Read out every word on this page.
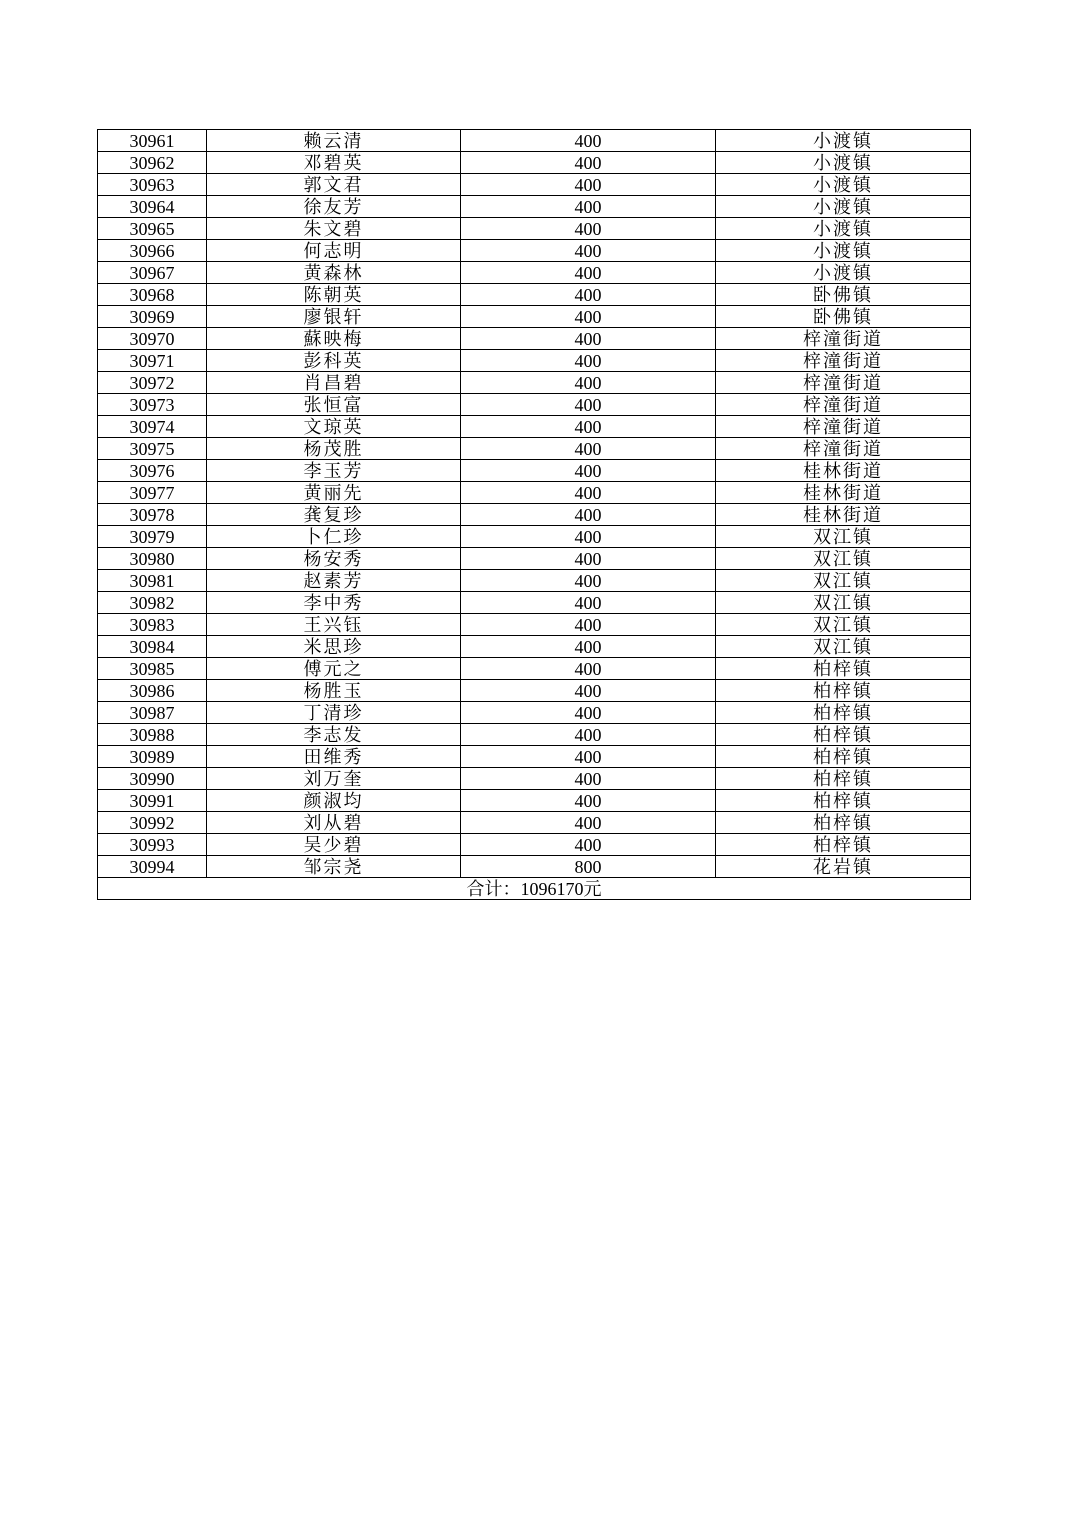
30961	赖云清	400	小渡镇
30962	邓碧英	400	小渡镇
30963	郭文君	400	小渡镇
30964	徐友芳	400	小渡镇
30965	朱文碧	400	小渡镇
30966	何志明	400	小渡镇
30967	黄森林	400	小渡镇
30968	陈朝英	400	卧佛镇
30969	廖银轩	400	卧佛镇
30970	蘇映梅	400	梓潼街道
30971	彭科英	400	梓潼街道
30972	肖昌碧	400	梓潼街道
30973	张恒富	400	梓潼街道
30974	文琼英	400	梓潼街道
30975	杨茂胜	400	梓潼街道
30976	李玉芳	400	桂林街道
30977	黄丽先	400	桂林街道
30978	龚复珍	400	桂林街道
30979	卜仁珍	400	双江镇
30980	杨安秀	400	双江镇
30981	赵素芳	400	双江镇
30982	李中秀	400	双江镇
30983	王兴钰	400	双江镇
30984	米思珍	400	双江镇
30985	傅元之	400	柏梓镇
30986	杨胜玉	400	柏梓镇
30987	丁清珍	400	柏梓镇
30988	李志发	400	柏梓镇
30989	田维秀	400	柏梓镇
30990	刘万奎	400	柏梓镇
30991	颜淑均	400	柏梓镇
30992	刘从碧	400	柏梓镇
30993	吴少碧	400	柏梓镇
30994	邹宗尧	800	花岩镇
合计：1096170元			
